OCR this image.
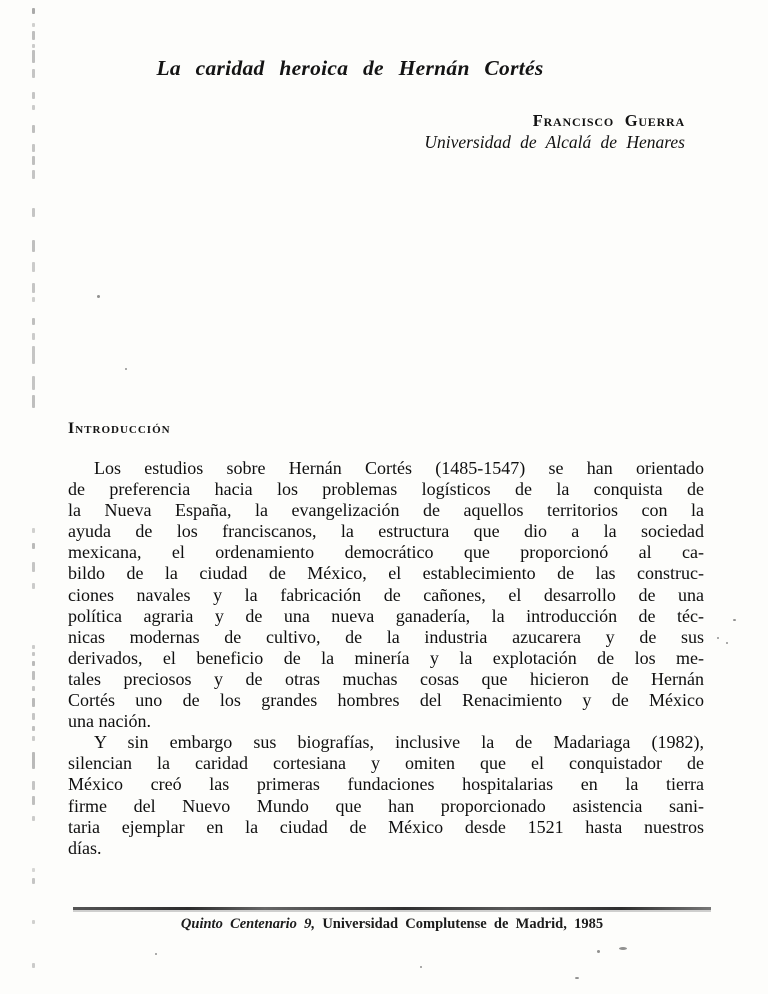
La caridad heroica de Hernán Cortés
Francisco Guerra
Universidad de Alcalá de Henares
Introducción
Los estudios sobre Hernán Cortés (1485-1547) se han orientado
de preferencia hacia los problemas logísticos de la conquista de
la Nueva España, la evangelización de aquellos territorios con la
ayuda de los franciscanos, la estructura que dio a la sociedad
mexicana, el ordenamiento democrático que proporcionó al ca-
bildo de la ciudad de México, el establecimiento de las construc-
ciones navales y la fabricación de cañones, el desarrollo de una
política agraria y de una nueva ganadería, la introducción de téc-
nicas modernas de cultivo, de la industria azucarera y de sus
derivados, el beneficio de la minería y la explotación de los me-
tales preciosos y de otras muchas cosas que hicieron de Hernán
Cortés uno de los grandes hombres del Renacimiento y de México
una nación.
Y sin embargo sus biografías, inclusive la de Madariaga (1982),
silencian la caridad cortesiana y omiten que el conquistador de
México creó las primeras fundaciones hospitalarias en la tierra
firme del Nuevo Mundo que han proporcionado asistencia sani-
taria ejemplar en la ciudad de México desde 1521 hasta nuestros
días.
Quinto Centenario 9, Universidad Complutense de Madrid, 1985
